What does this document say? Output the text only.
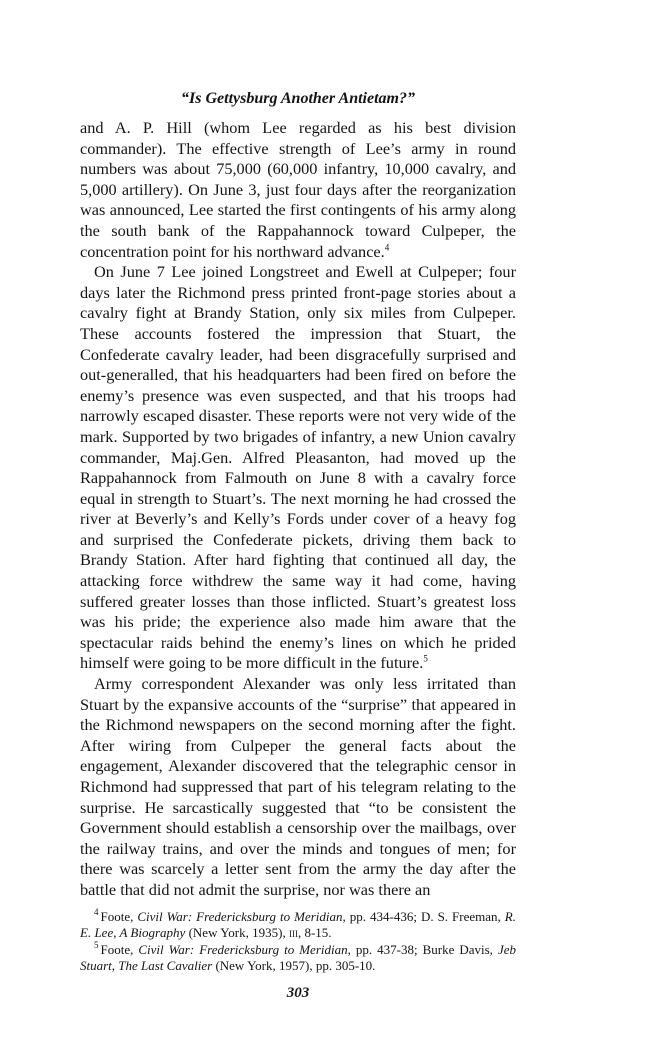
“Is Gettysburg Another Antietam?”

and A. P. Hill (whom Lee regarded as his best division commander). The effective strength of Lee’s army in round numbers was about 75,000 (60,000 infantry, 10,000 cavalry, and 5,000 artillery). On June 3, just four days after the reorganization was announced, Lee started the first contingents of his army along the south bank of the Rappahannock toward Culpeper, the concentration point for his northward advance.$^4$

On June 7 Lee joined Longstreet and Ewell at Culpeper; four days later the Richmond press printed front-page stories about a cavalry fight at Brandy Station, only six miles from Culpeper. These accounts fostered the impression that Stuart, the Confederate cavalry leader, had been disgracefully surprised and out-generalled, that his headquarters had been fired on before the enemy’s presence was even suspected, and that his troops had narrowly escaped disaster. These reports were not very wide of the mark. Supported by two brigades of infantry, a new Union cavalry commander, Maj.Gen. Alfred Pleasanton, had moved up the Rappahannock from Falmouth on June 8 with a cavalry force equal in strength to Stuart’s. The next morning he had crossed the river at Beverly’s and Kelly’s Fords under cover of a heavy fog and surprised the Confederate pickets, driving them back to Brandy Station. After hard fighting that continued all day, the attacking force withdrew the same way it had come, having suffered greater losses than those inflicted. Stuart’s greatest loss was his pride; the experience also made him aware that the spectacular raids behind the enemy’s lines on which he prided himself were going to be more difficult in the future.$^5$

Army correspondent Alexander was only less irritated than Stuart by the expansive accounts of the “surprise” that appeared in the Richmond newspapers on the second morning after the fight. After wiring from Culpeper the general facts about the engagement, Alexander discovered that the telegraphic censor in Richmond had suppressed that part of his telegram relating to the surprise. He sarcastically suggested that “to be consistent the Government should establish a censorship over the mailbags, over the railway trains, and over the minds and tongues of men; for there was scarcely a letter sent from the army the day after the battle that did not admit the surprise, nor was there an

$^4$ Foote, Civil War: Fredericksburg to Meridian, pp. 434-436; D. S. Freeman, R. E. Lee, A Biography (New York, 1935), iii, 8-15.

$^5$ Foote, Civil War: Fredericksburg to Meridian, pp. 437-38; Burke Davis, Jeb Stuart, The Last Cavalier (New York, 1957), pp. 305-10.

303
